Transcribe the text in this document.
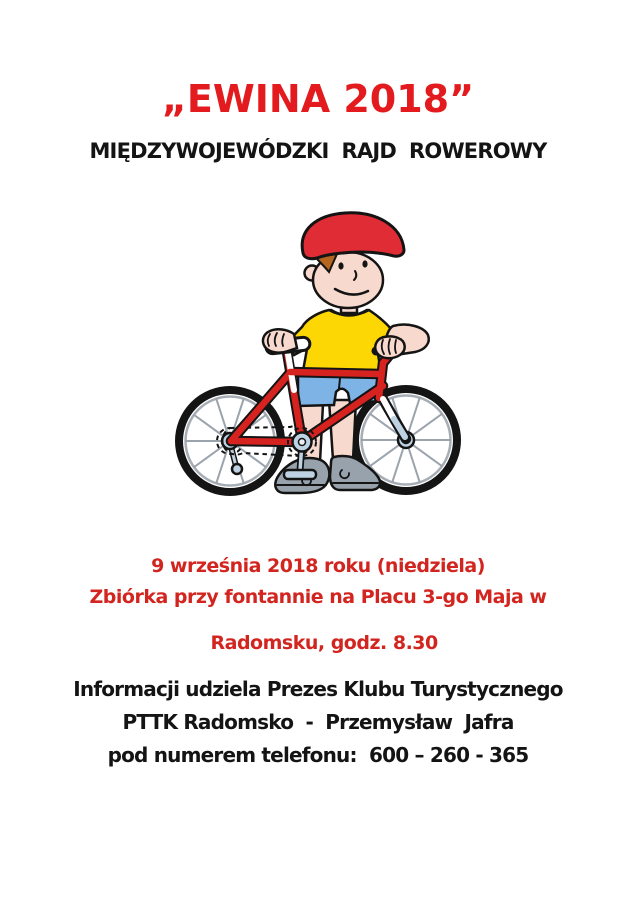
„EWINA 2018”
MIĘDZYWOJEWÓDZKI  RAJD  ROWEROWY

9 września 2018 roku (niedziela)

Zbiórka przy fontannie na Placu 3-go Maja w

Radomsku, godz. 8.30

Informacji udziela Prezes Klubu Turystycznego

PTTK Radomsko  -  Przemysław  Jafra

pod numerem telefonu:  600 – 260 - 365
